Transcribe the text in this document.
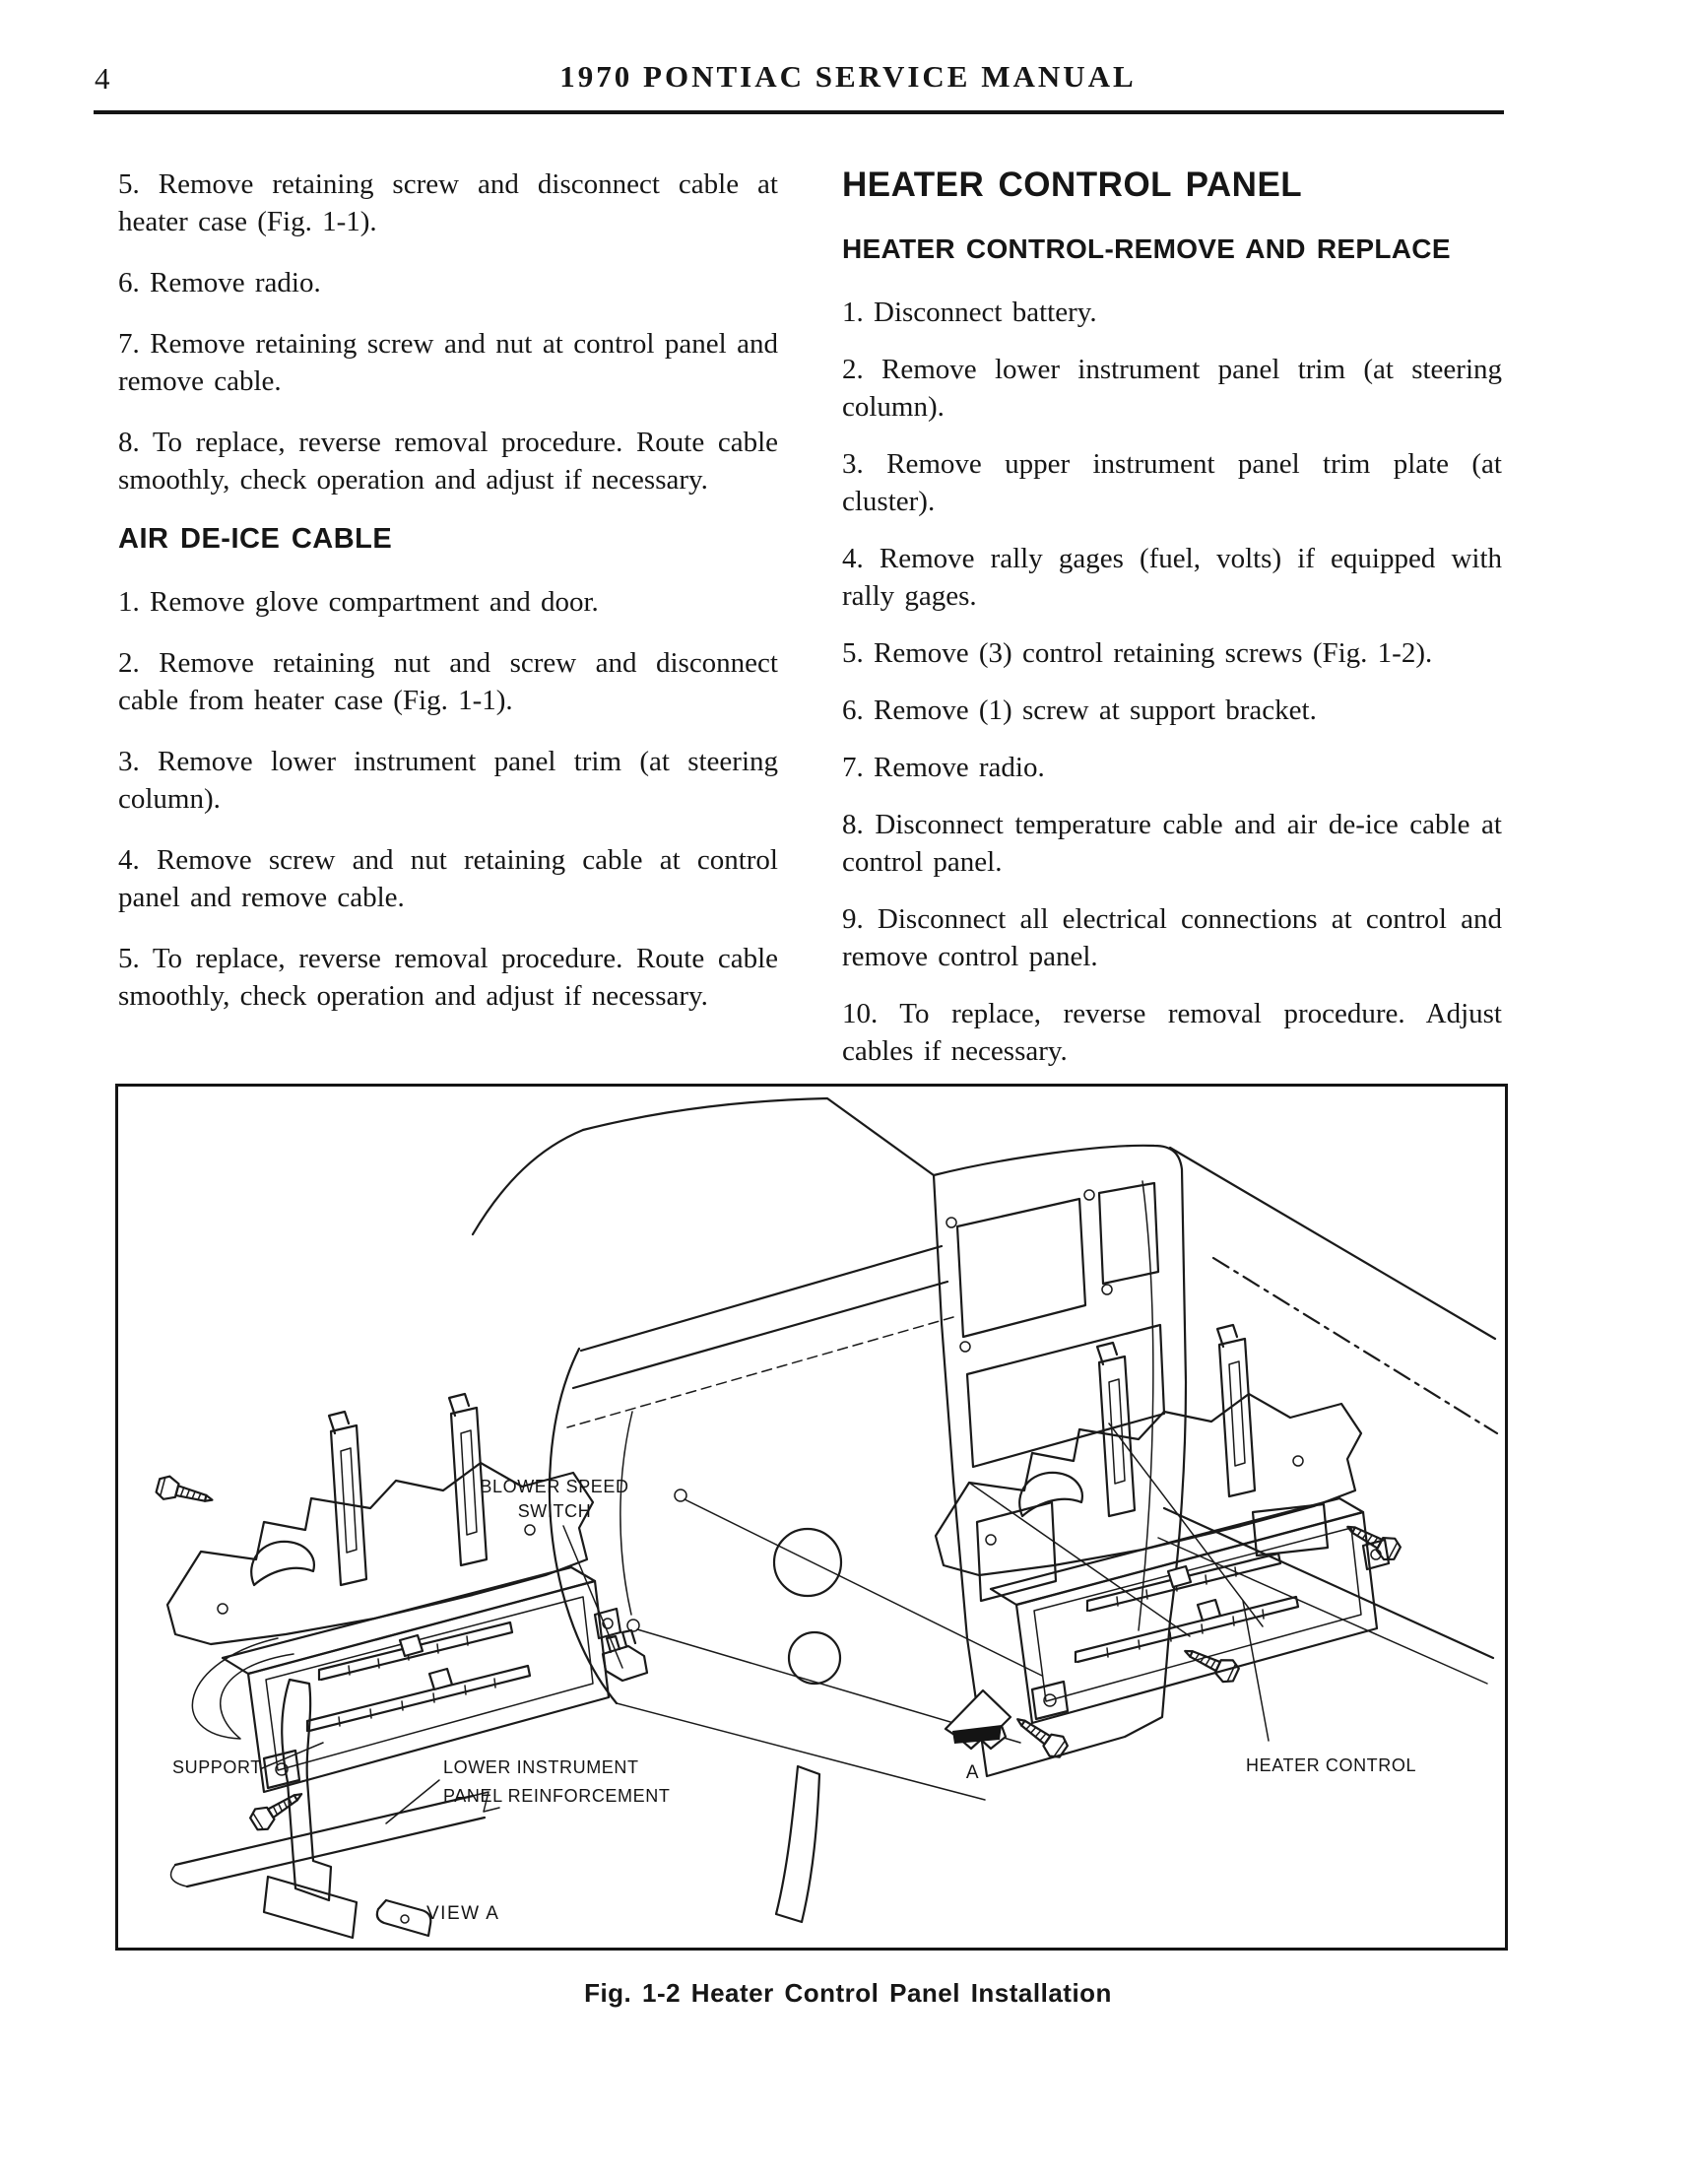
4	1970 PONTIAC SERVICE MANUAL

5. Remove retaining screw and disconnect cable at heater case (Fig. 1-1).

6. Remove radio.

7. Remove retaining screw and nut at control panel and remove cable.

8. To replace, reverse removal procedure. Route cable smoothly, check operation and adjust if necessary.

AIR DE-ICE CABLE

1. Remove glove compartment and door.

2. Remove retaining nut and screw and disconnect cable from heater case (Fig. 1-1).

3. Remove lower instrument panel trim (at steering column).

4. Remove screw and nut retaining cable at control panel and remove cable.

5. To replace, reverse removal procedure. Route cable smoothly, check operation and adjust if necessary.

HEATER CONTROL PANEL
HEATER CONTROL-REMOVE AND REPLACE

1. Disconnect battery.

2. Remove lower instrument panel trim (at steering column).

3. Remove upper instrument panel trim plate (at cluster).

4. Remove rally gages (fuel, volts) if equipped with rally gages.

5. Remove (3) control retaining screws (Fig. 1-2).

6. Remove (1) screw at support bracket.

7. Remove radio.

8. Disconnect temperature cable and air de-ice cable at control panel.

9. Disconnect all electrical connections at control and remove control panel.

10. To replace, reverse removal procedure. Adjust cables if necessary.

BLOWER SPEED
SWITCH
SUPPORT	LOWER INSTRUMENT
PANEL REINFORCEMENT
VIEW A
A	HEATER CONTROL
Fig. 1-2 Heater Control Panel Installation
